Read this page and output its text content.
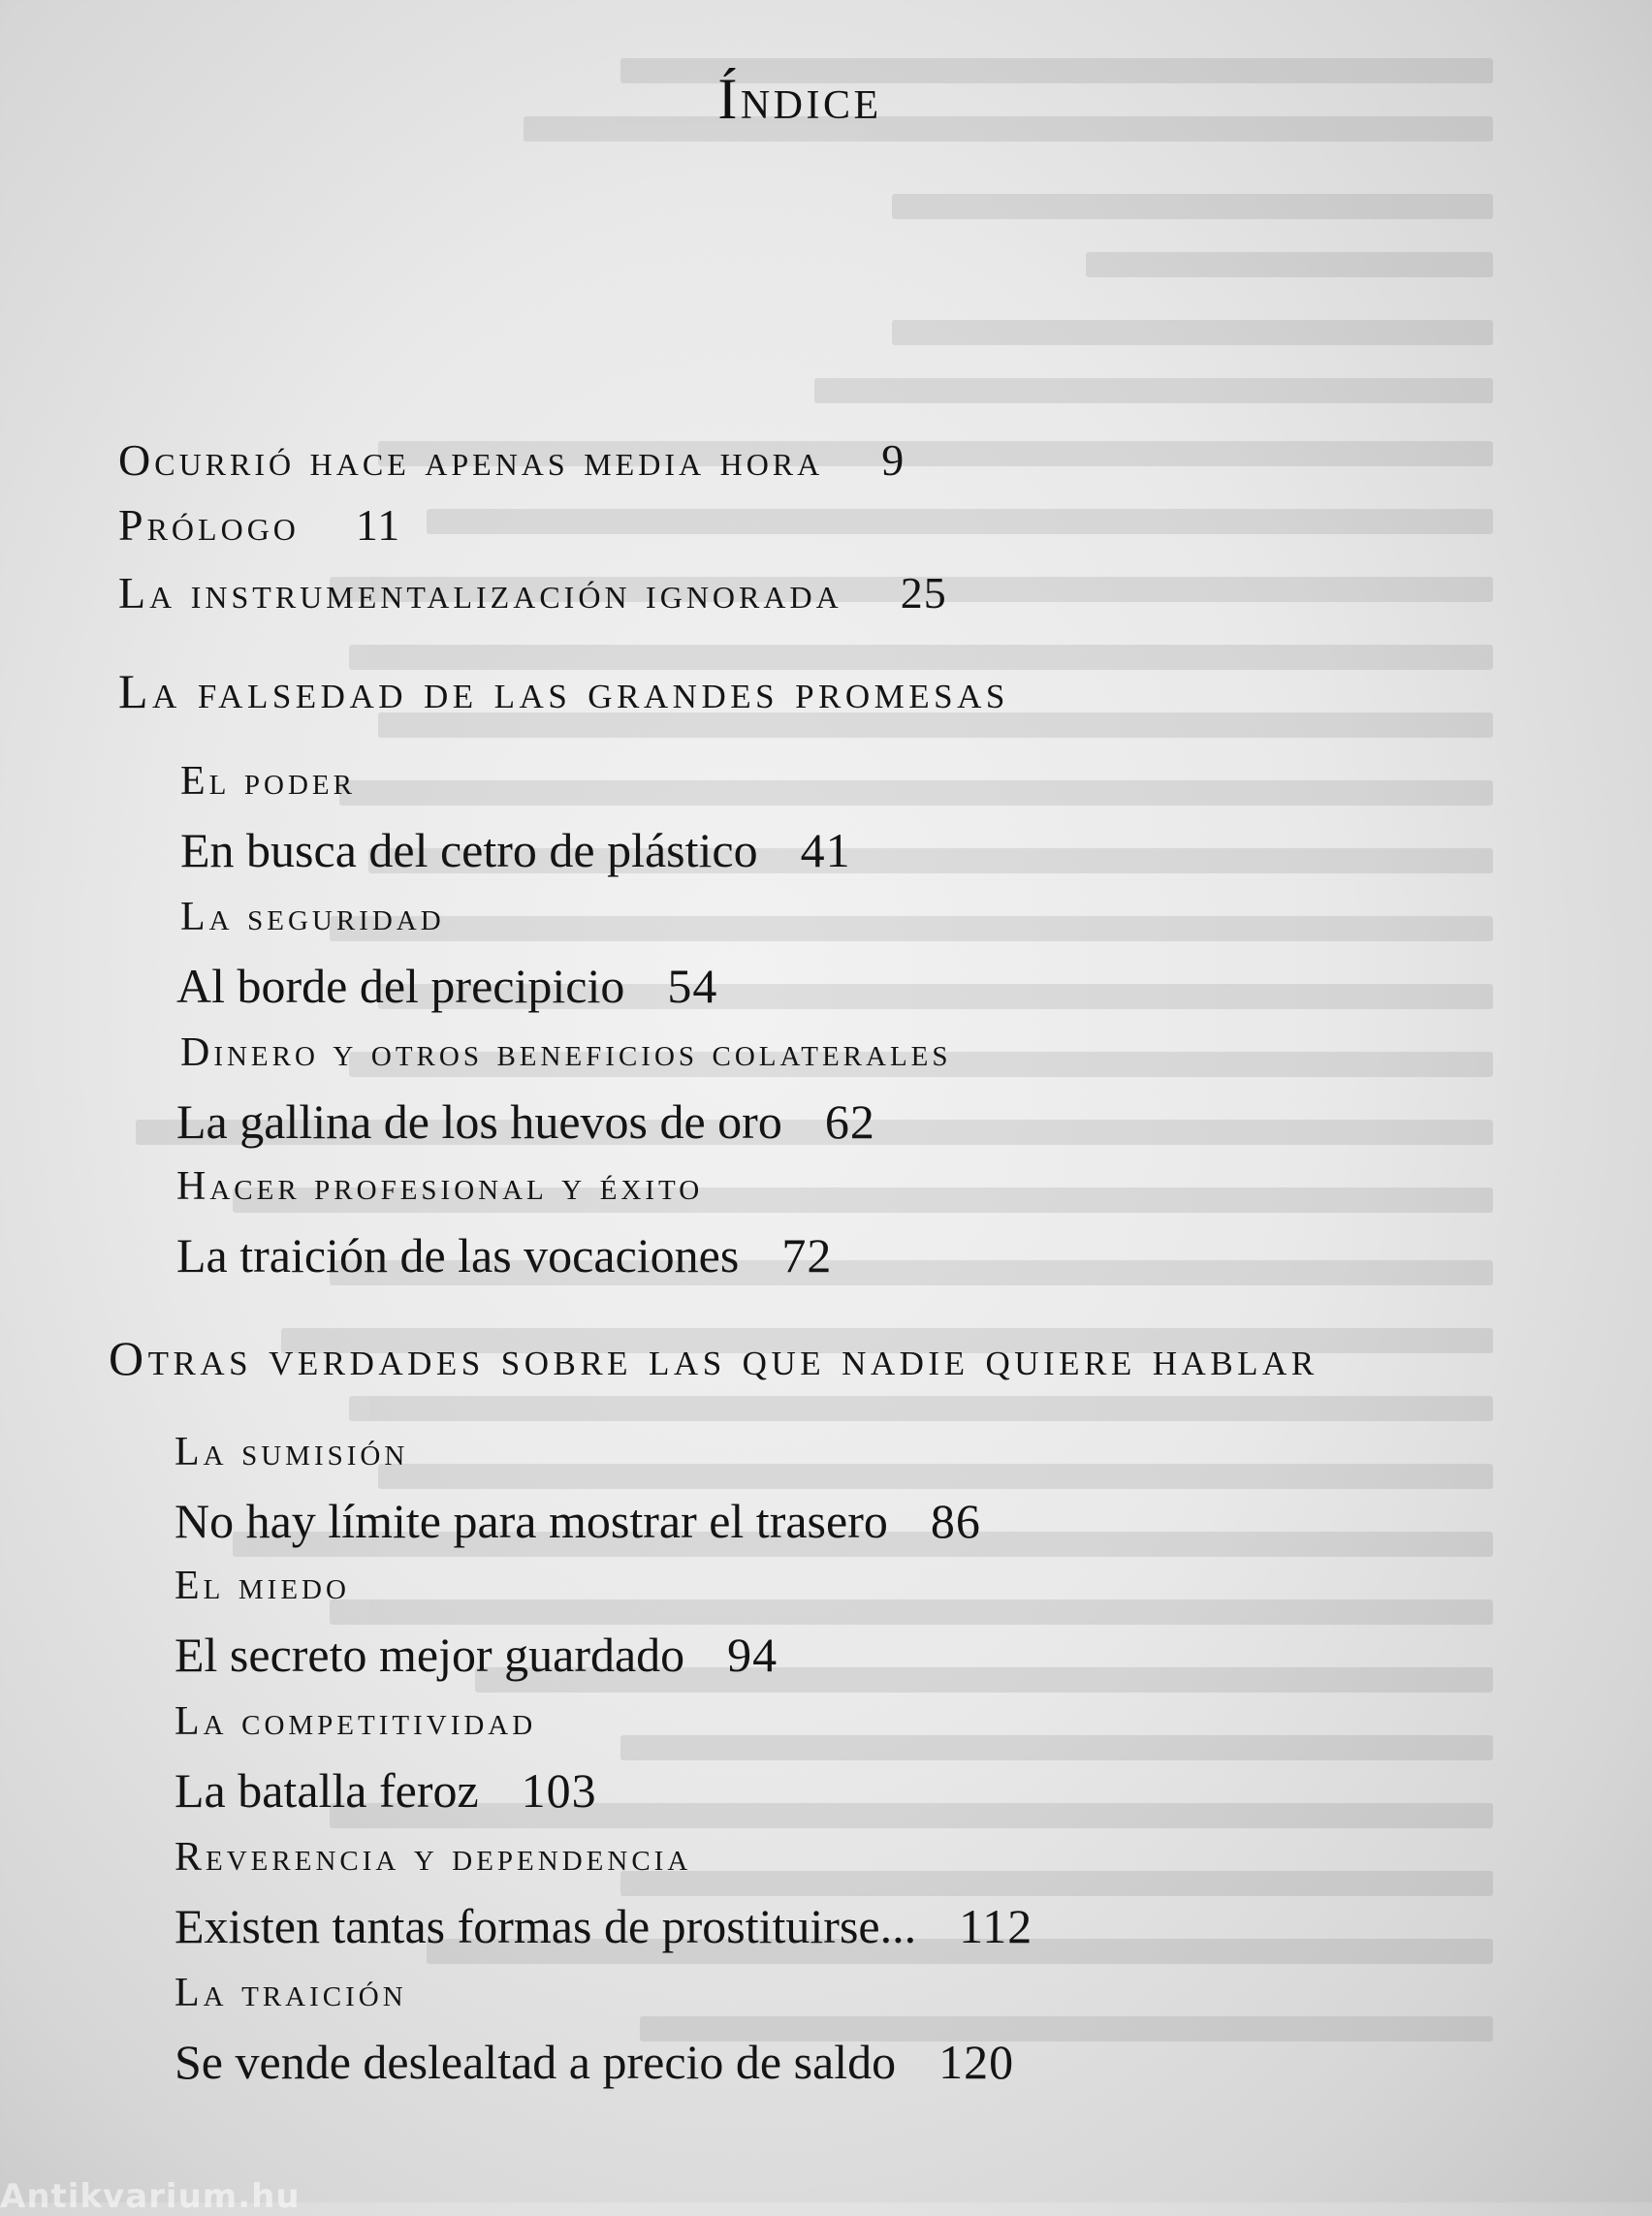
Índice
Ocurrió hace apenas media hora 9
Prólogo 11
La instrumentalización ignorada 25
La falsedad de las grandes promesas
El poder
En busca del cetro de plástico 41
La seguridad
Al borde del precipicio 54
Dinero y otros beneficios colaterales
La gallina de los huevos de oro 62
Hacer profesional y éxito
La traición de las vocaciones 72
Otras verdades sobre las que nadie quiere hablar
La sumisión
No hay límite para mostrar el trasero 86
El miedo
El secreto mejor guardado 94
La competitividad
La batalla feroz 103
Reverencia y dependencia
Existen tantas formas de prostituirse... 112
La traición
Se vende deslealtad a precio de saldo 120
Antikvarium.hu
